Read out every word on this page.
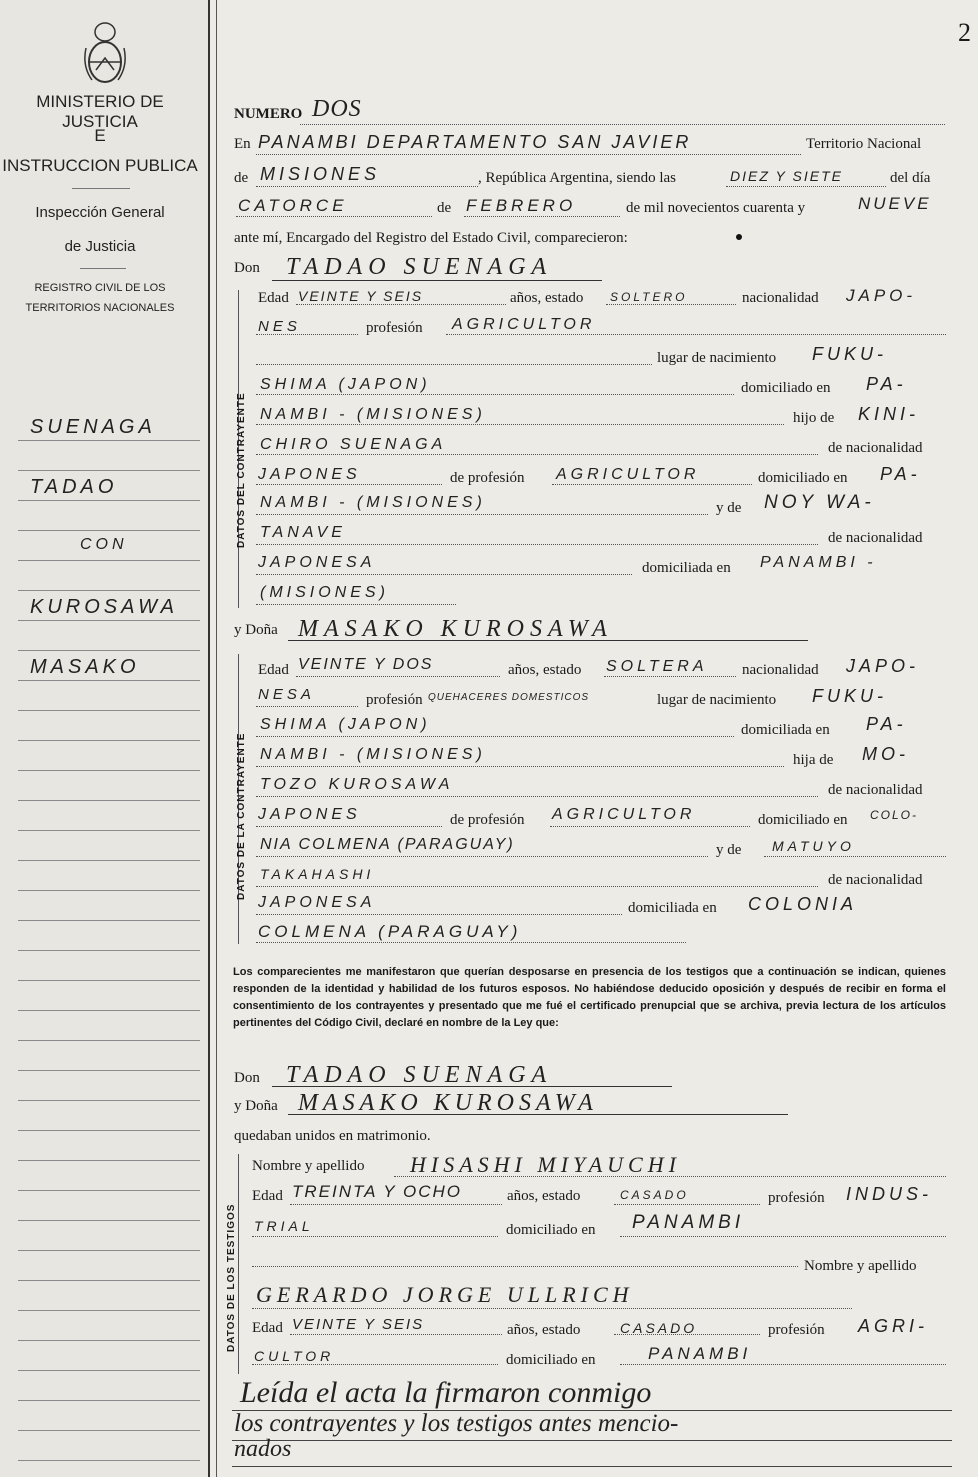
MINISTERIO DE JUSTICIA
E
INSTRUCCION PUBLICA
Inspección General
de Justicia
REGISTRO CIVIL DE LOS
TERRITORIOS NACIONALES
SUENAGA
TADAO
CON
KUROSAWA
MASAKO
2
NUMERO DOS
En PANAMBI DEPARTAMENTO SAN JAVIER	Territorio Nacional
de MISIONES	, República Argentina, siendo las	DIEZ Y SIETE	del día
CATORCE	de FEBRERO	de mil novecientos cuarenta y	NUEVE
ante mí, Encargado del Registro del Estado Civil, comparecieron:
Don TADAO SUENAGA
DATOS DEL CONTRAYENTE
Edad VEINTE Y SEIS	años, estado SOLTERO	nacionalidad JAPO-
NES	profesión AGRICULTOR
lugar de nacimiento FUKU-
SHIMA (JAPON)	domiciliado en PA-
NAMBI - (MISIONES)	hijo de KINI-
CHIRO SUENAGA	de nacionalidad
JAPONES	de profesión AGRICULTOR	domiciliado en PA-
NAMBI - (MISIONES)	y de NOY WA-
TANAVE	de nacionalidad
JAPONESA	domiciliada en PANAMBI -
(MISIONES)
y Doña MASAKO KUROSAWA
DATOS DE LA CONTRAYENTE
Edad VEINTE Y DOS	años, estado SOLTERA nacionalidad JAPO-
NESA	profesión QUEHACERES DOMESTICOS	lugar de nacimiento FUKU-
SHIMA (JAPON)	domiciliada en PA-
NAMBI - (MISIONES)	hija de MO-
TOZO KUROSAWA	de nacionalidad
JAPONES	de profesión AGRICULTOR	domiciliado en COLO-
NIA COLMENA (PARAGUAY)	y de MATUYO
TAKAHASHI	de nacionalidad
JAPONESA	domiciliada en COLONIA
COLMENA (PARAGUAY)
Los comparecientes me manifestaron que querían desposarse en presencia de los testigos que a continuación se indican, quienes responden de la identidad y habilidad de los futuros esposos. No habiéndose deducido oposición y después de recibir en forma el consentimiento de los contrayentes y presentado que me fué el certificado prenupcial que se archiva, previa lectura de los artículos pertinentes del Código Civil, declaré en nombre de la Ley que:
Don TADAO SUENAGA
y Doña MASAKO KUROSAWA
quedaban unidos en matrimonio.
DATOS DE LOS TESTIGOS
Nombre y apellido HISASHI MIYAUCHI
Edad TREINTA Y OCHO	años, estado	CASADO	profesión INDUS-
TRIAL	domiciliado en PANAMBI
Nombre y apellido
GERARDO JORGE ULLRICH
Edad VEINTE Y SEIS	años, estado	CASADO	profesión AGRI-
CULTOR	domiciliado en	PANAMBI
Leída el acta la firmaron conmigo
los contrayentes y los testigos antes mencio-
nados
